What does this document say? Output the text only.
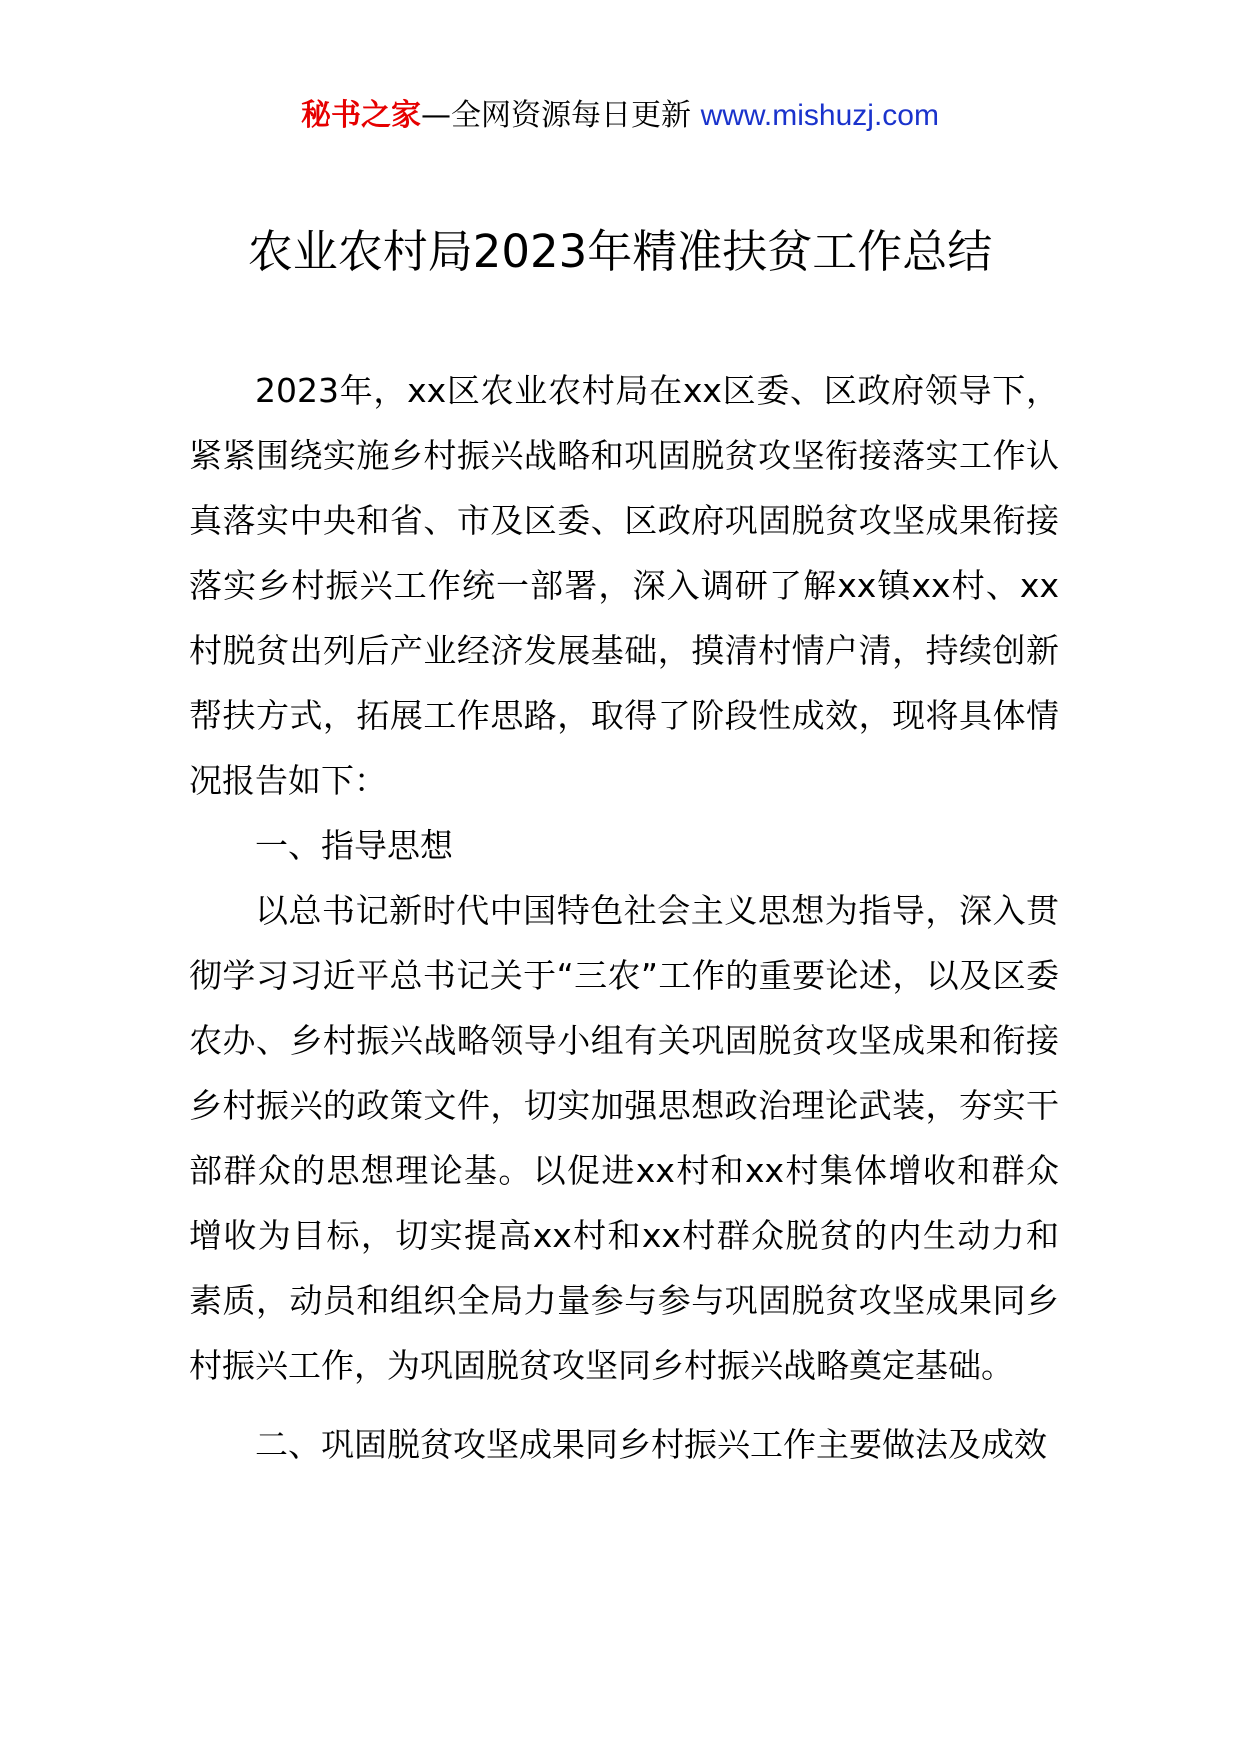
秘书之家—全网资源每日更新 www.mishuzj.com
农业农村局2023年精准扶贫工作总结

2023年，xx区农业农村局在xx区委、区政府领导下，紧紧围绕实施乡村振兴战略和巩固脱贫攻坚衔接落实工作认真落实中央和省、市及区委、区政府巩固脱贫攻坚成果衔接落实乡村振兴工作统一部署，深入调研了解xx镇xx村、xx村脱贫出列后产业经济发展基础，摸清村情户清，持续创新帮扶方式，拓展工作思路，取得了阶段性成效，现将具体情况报告如下：

一、指导思想

以总书记新时代中国特色社会主义思想为指导，深入贯彻学习习近平总书记关于“三农”工作的重要论述，以及区委农办、乡村振兴战略领导小组有关巩固脱贫攻坚成果和衔接乡村振兴的政策文件，切实加强思想政治理论武装，夯实干部群众的思想理论基。以促进xx村和xx村集体增收和群众增收为目标，切实提高xx村和xx村群众脱贫的内生动力和素质，动员和组织全局力量参与参与巩固脱贫攻坚成果同乡村振兴工作，为巩固脱贫攻坚同乡村振兴战略奠定基础。

二、巩固脱贫攻坚成果同乡村振兴工作主要做法及成效
